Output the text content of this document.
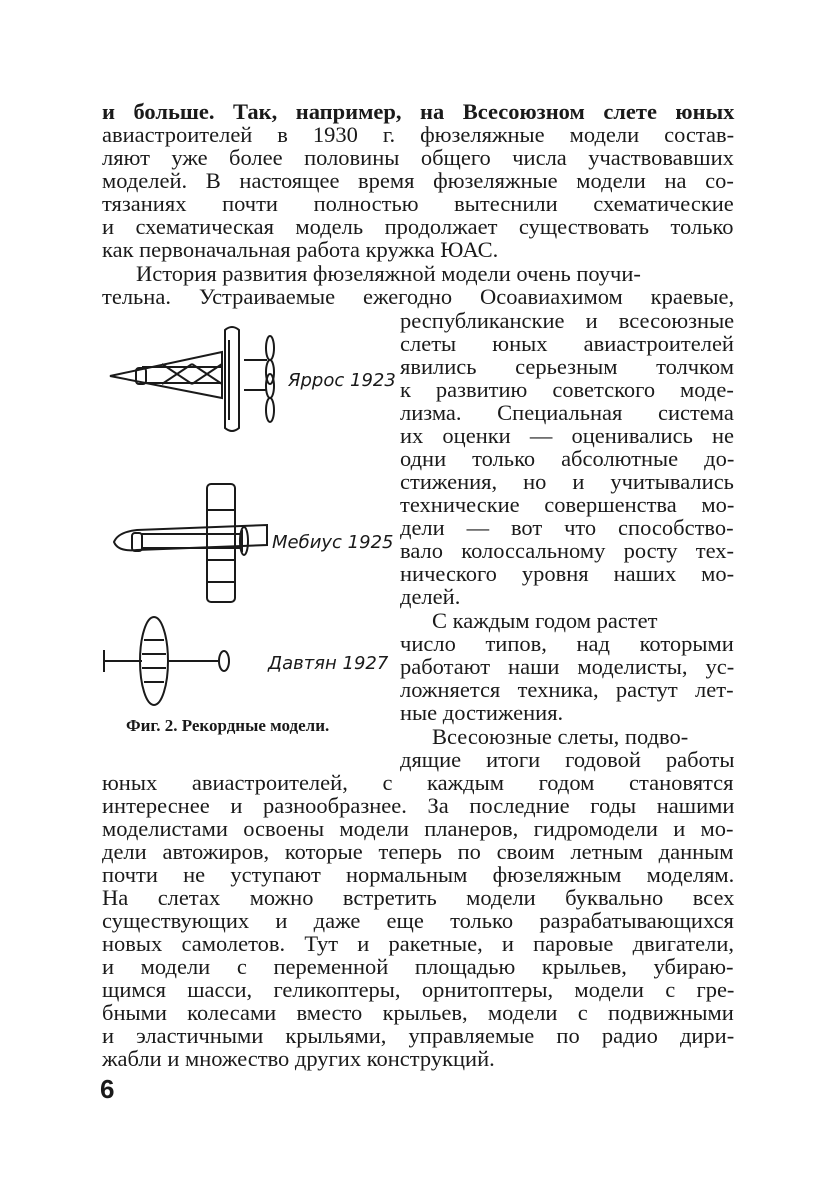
и больше. Так, например, на Всесоюзном слете юных
авиастроителей в 1930 г. фюзеляжные модели состав-
ляют уже более половины общего числа участвовавших
моделей. В настоящее время фюзеляжные модели на со-
тязаниях почти полностью вытеснили схематические
и схематическая модель продолжает существовать только
как первоначальная работа кружка ЮАС.
История развития фюзеляжной модели очень поучи-
тельна. Устраиваемые ежегодно Осоавиахимом краевые,
республиканские и всесоюзные
слеты юных авиастроителей
явились серьезным толчком
к развитию советского моде-
лизма. Специальная система
их оценки — оценивались не
одни только абсолютные до-
стижения, но и учитывались
технические совершенства мо-
дели — вот что способство-
вало колоссальному росту тех-
нического уровня наших мо-
делей.
С каждым годом растет
число типов, над которыми
работают наши моделисты, ус-
ложняется техника, растут лет-
ные достижения.
Всесоюзные слеты, подво-
дящие итоги годовой работы
Яррос 1923
Мебиус 1925
Давтян 1927
Фиг. 2. Рекордные модели.
юных авиастроителей, с каждым годом становятся
интереснее и разнообразнее. За последние годы нашими
моделистами освоены модели планеров, гидромодели и мо-
дели автожиров, которые теперь по своим летным данным
почти не уступают нормальным фюзеляжным моделям.
На слетах можно встретить модели буквально всех
существующих и даже еще только разрабатывающихся
новых самолетов. Тут и ракетные, и паровые двигатели,
и модели с переменной площадью крыльев, убираю-
щимся шасси, геликоптеры, орнитоптеры, модели с гре-
бными колесами вместо крыльев, модели с подвижными
и эластичными крыльями, управляемые по радио дири-
жабли и множество других конструкций.
6
